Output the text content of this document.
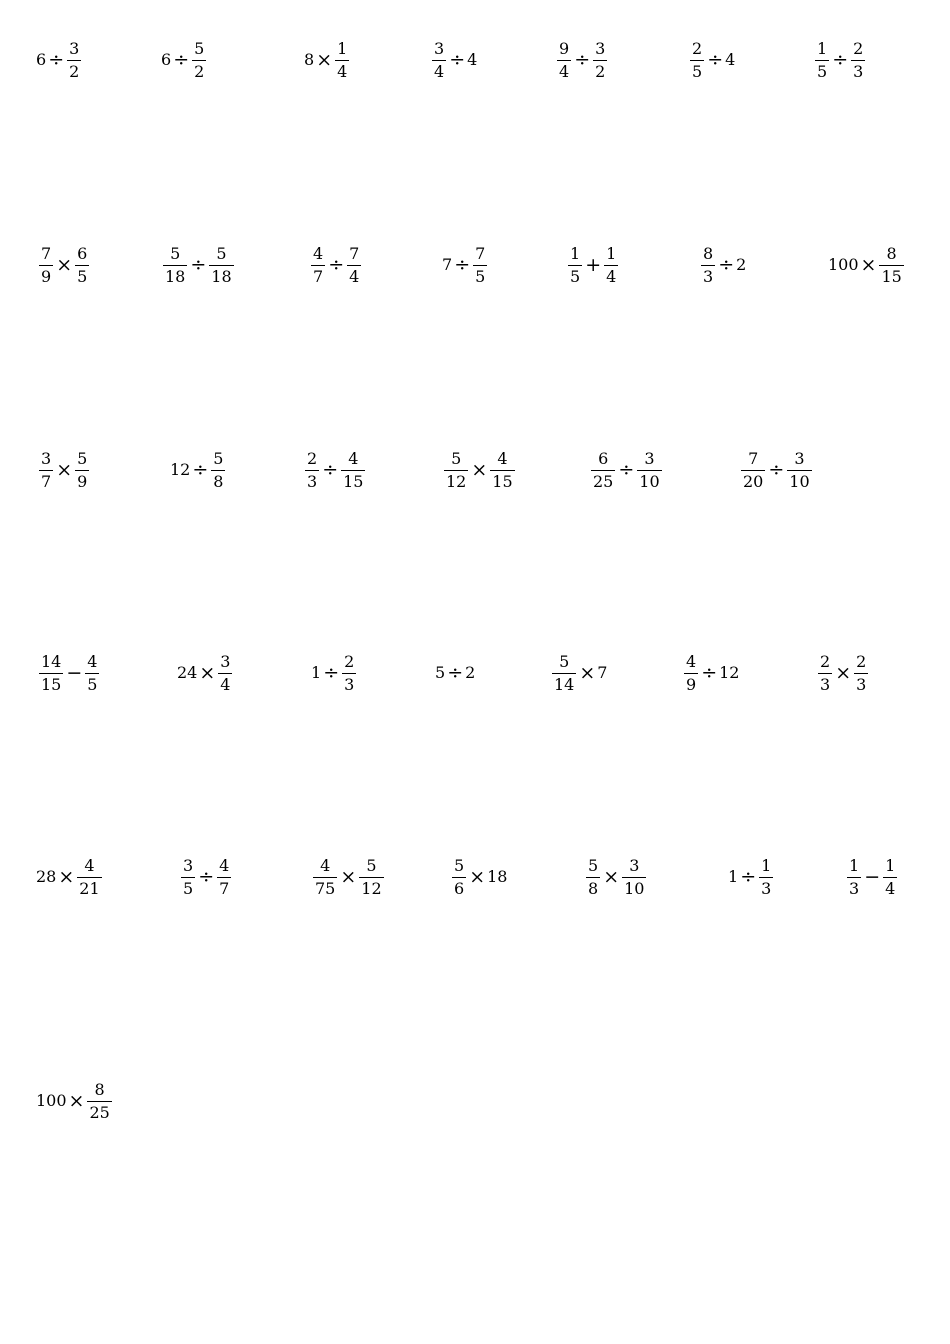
$6 \div \frac{3}{2}$	$6 \div \frac{5}{2}$	$8 \times \frac{1}{4}$	$\frac{3}{4} \div 4$	$\frac{9}{4} \div \frac{3}{2}$	$\frac{2}{5} \div 4$	$\frac{1}{5} \div \frac{2}{3}$
$\frac{7}{9} \times \frac{6}{5}$	$\frac{5}{18} \div \frac{5}{18}$	$\frac{4}{7} \div \frac{7}{4}$	$7 \div \frac{7}{5}$	$\frac{1}{5} + \frac{1}{4}$	$\frac{8}{3} \div 2$	$100 \times \frac{8}{15}$
$\frac{3}{7} \times \frac{5}{9}$	$12 \div \frac{5}{8}$	$\frac{2}{3} \div \frac{4}{15}$	$\frac{5}{12} \times \frac{4}{15}$	$\frac{6}{25} \div \frac{3}{10}$	$\frac{7}{20} \div \frac{3}{10}$
$\frac{14}{15} - \frac{4}{5}$	$24 \times \frac{3}{4}$	$1 \div \frac{2}{3}$	5 ÷ 2	$\frac{5}{14} \times 7$	$\frac{4}{9} \div 12$	$\frac{2}{3} \times \frac{2}{3}$
$28 \times \frac{4}{21}$	$\frac{3}{5} \div \frac{4}{7}$	$\frac{4}{75} \times \frac{5}{12}$	$\frac{5}{6} \times 18$	$\frac{5}{8} \times \frac{3}{10}$	$1 \div \frac{1}{3}$	$\frac{1}{3} - \frac{1}{4}$
$100 \times \frac{8}{25}$
